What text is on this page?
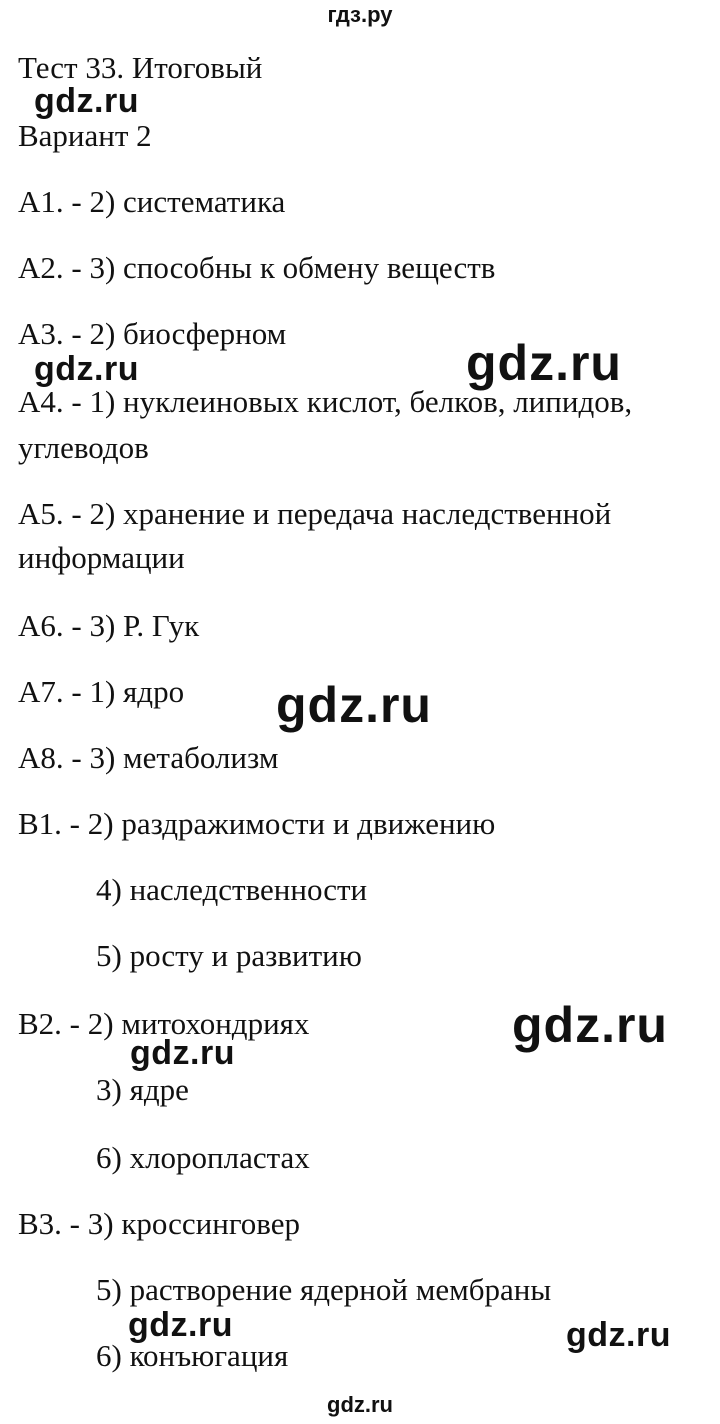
гдз.ру
Тест 33. Итоговый
Вариант 2
А1. - 2) систематика
А2. - 3) способны к обмену веществ
А3. - 2) биосферном
А4. - 1) нуклеиновых кислот, белков, липидов,
углеводов
А5. - 2) хранение и передача наследственной
информации
А6. - 3) Р. Гук
А7. - 1) ядро
А8. - 3) метаболизм
В1. - 2) раздражимости и движению
4) наследственности
5) росту и развитию
В2. - 2) митохондриях
3) ядре
6) хлоропластах
В3. - 3) кроссинговер
5) растворение ядерной мембраны
6) конъюгация
gdz.ru
gdz.ru	gdz.ru
gdz.ru
gdz.ru
gdz.ru
gdz.ru	gdz.ru
gdz.ru
